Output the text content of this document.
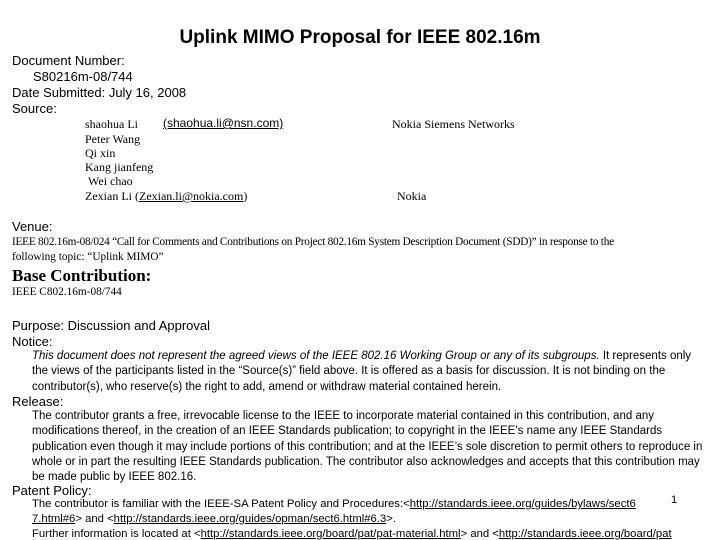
Uplink MIMO Proposal for IEEE 802.16m
Document Number:
S80216m-08/744
Date Submitted: July 16, 2008
Source:
shaohua Li (shaohua.li@nsn.com)	Nokia Siemens Networks
Peter Wang
Qi xin
Kang jianfeng
Wei chao
Zexian Li (Zexian.li@nokia.com)	Nokia
Venue:
IEEE 802.16m-08/024 “Call for Comments and Contributions on Project 802.16m System Description Document (SDD)” in response to the
following topic: “Uplink MIMO”
Base Contribution:
IEEE C802.16m-08/744
Purpose: Discussion and Approval
Notice:
This document does not represent the agreed views of the IEEE 802.16 Working Group or any of its subgroups. It represents only the views of the participants listed in the “Source(s)” field above. It is offered as a basis for discussion. It is not binding on the contributor(s), who reserve(s) the right to add, amend or withdraw material contained herein.
Release:
The contributor grants a free, irrevocable license to the IEEE to incorporate material contained in this contribution, and any modifications thereof, in the creation of an IEEE Standards publication; to copyright in the IEEE’s name any IEEE Standards publication even though it may include portions of this contribution; and at the IEEE’s sole discretion to permit others to reproduce in whole or in part the resulting IEEE Standards publication. The contributor also acknowledges and accepts that this contribution may be made public by IEEE 802.16.
Patent Policy:
The contributor is familiar with the IEEE-SA Patent Policy and Procedures:<http://standards.ieee.org/guides/bylaws/sect6	1
7.html#6> and <http://standards.ieee.org/guides/opman/sect6.html#6.3>.
Further information is located at <http://standards.ieee.org/board/pat/pat-material.html> and <http://standards.ieee.org/board/pat
